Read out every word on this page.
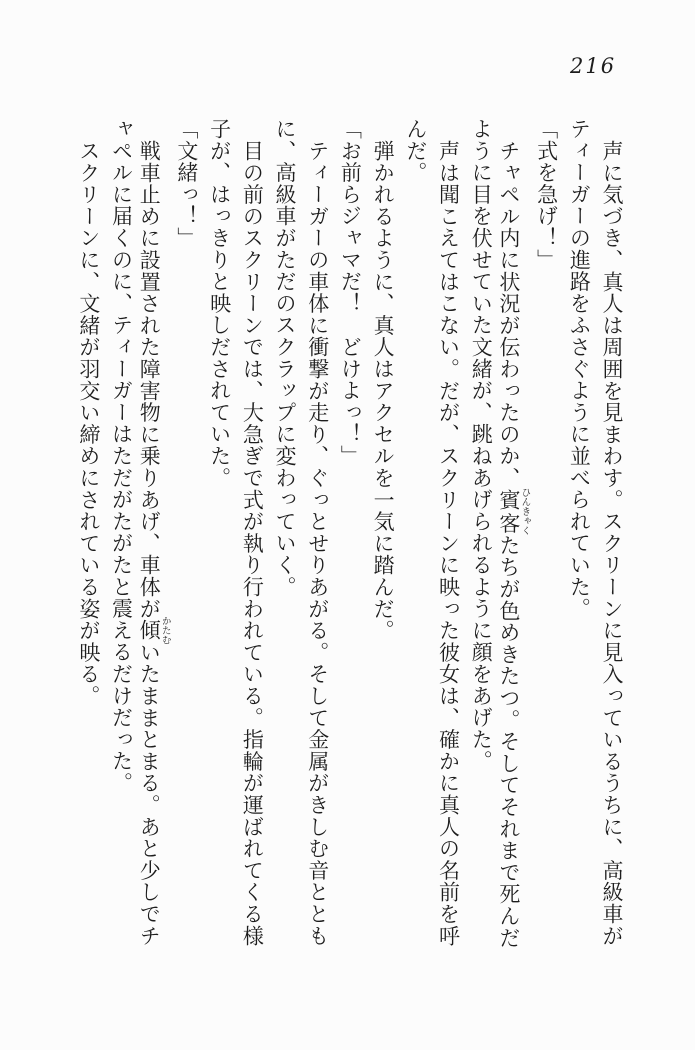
216
声に気づき、真人は周囲を見まわす。スクリーンに見入っているうちに、高級車が
ティーガーの進路をふさぐように並べられていた。
「式を急げ！」
チャペル内に状況が伝わったのか、賓客ひんきゃくたちが色めきたつ。そしてそれまで死んだ
ように目を伏せていた文緒が、跳ねあげられるように顔をあげた。
声は聞こえてはこない。だが、スクリーンに映った彼女は、確かに真人の名前を呼
んだ。
弾かれるように、真人はアクセルを一気に踏んだ。
「お前らジャマだ！　どけよっ！」
ティーガーの車体に衝撃が走り、ぐっとせりあがる。そして金属がきしむ音ととも
に、高級車がただのスクラップに変わっていく。
目の前のスクリーンでは、大急ぎで式が執り行われている。指輪が運ばれてくる様
子が、はっきりと映しだされていた。
「文緒っ！」
戦車止めに設置された障害物に乗りあげ、車体が傾かたむいたままとまる。あと少しでチ
ャペルに届くのに、ティーガーはただがたがたと震えるだけだった。
スクリーンに、文緒が羽交い締めにされている姿が映る。
